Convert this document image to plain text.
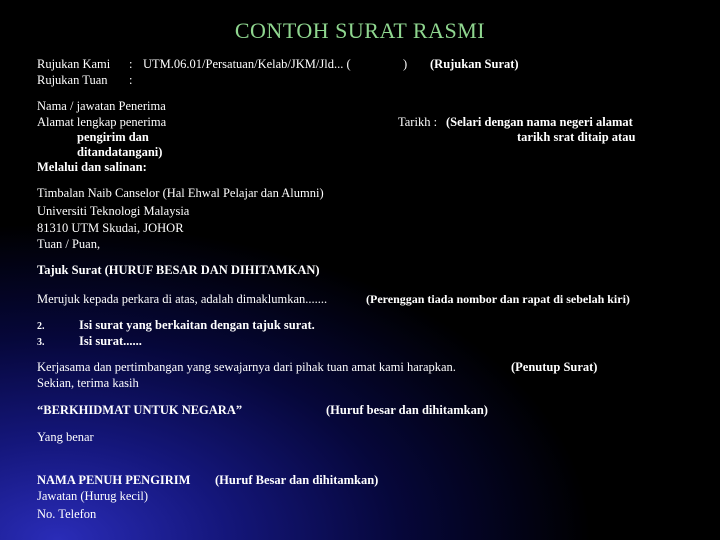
CONTOH SURAT RASMI
Rujukan Kami : UTM.06.01/Persatuan/Kelab/JKM/Jld... (	) (Rujukan Surat)
Rujukan Tuan :
Nama / jawatan Penerima
Alamat lengkap penerima
pengirim dan
ditandatangani)
Melalui dan salinan:
Tarikh : (Selari dengan nama negeri alamat
tarikh srat ditaip atau
Timbalan Naib Canselor (Hal Ehwal Pelajar dan Alumni)
Universiti Teknologi Malaysia
81310 UTM Skudai, JOHOR
Tuan / Puan,
Tajuk Surat (HURUF BESAR DAN DIHITAMKAN)
Merujuk kepada perkara di atas, adalah dimaklumkan.......	(Perenggan tiada nombor dan rapat di sebelah kiri)
2.	Isi surat yang berkaitan dengan tajuk surat.
3.	Isi surat......
Kerjasama dan pertimbangan yang sewajarnya dari pihak tuan amat kami harapkan.	(Penutup Surat)
Sekian, terima kasih
“BERKHIDMAT UNTUK NEGARA”	(Huruf besar dan dihitamkan)
Yang benar
NAMA PENUH PENGIRIM (Huruf Besar dan dihitamkan)
Jawatan (Hurug kecil)
No. Telefon
